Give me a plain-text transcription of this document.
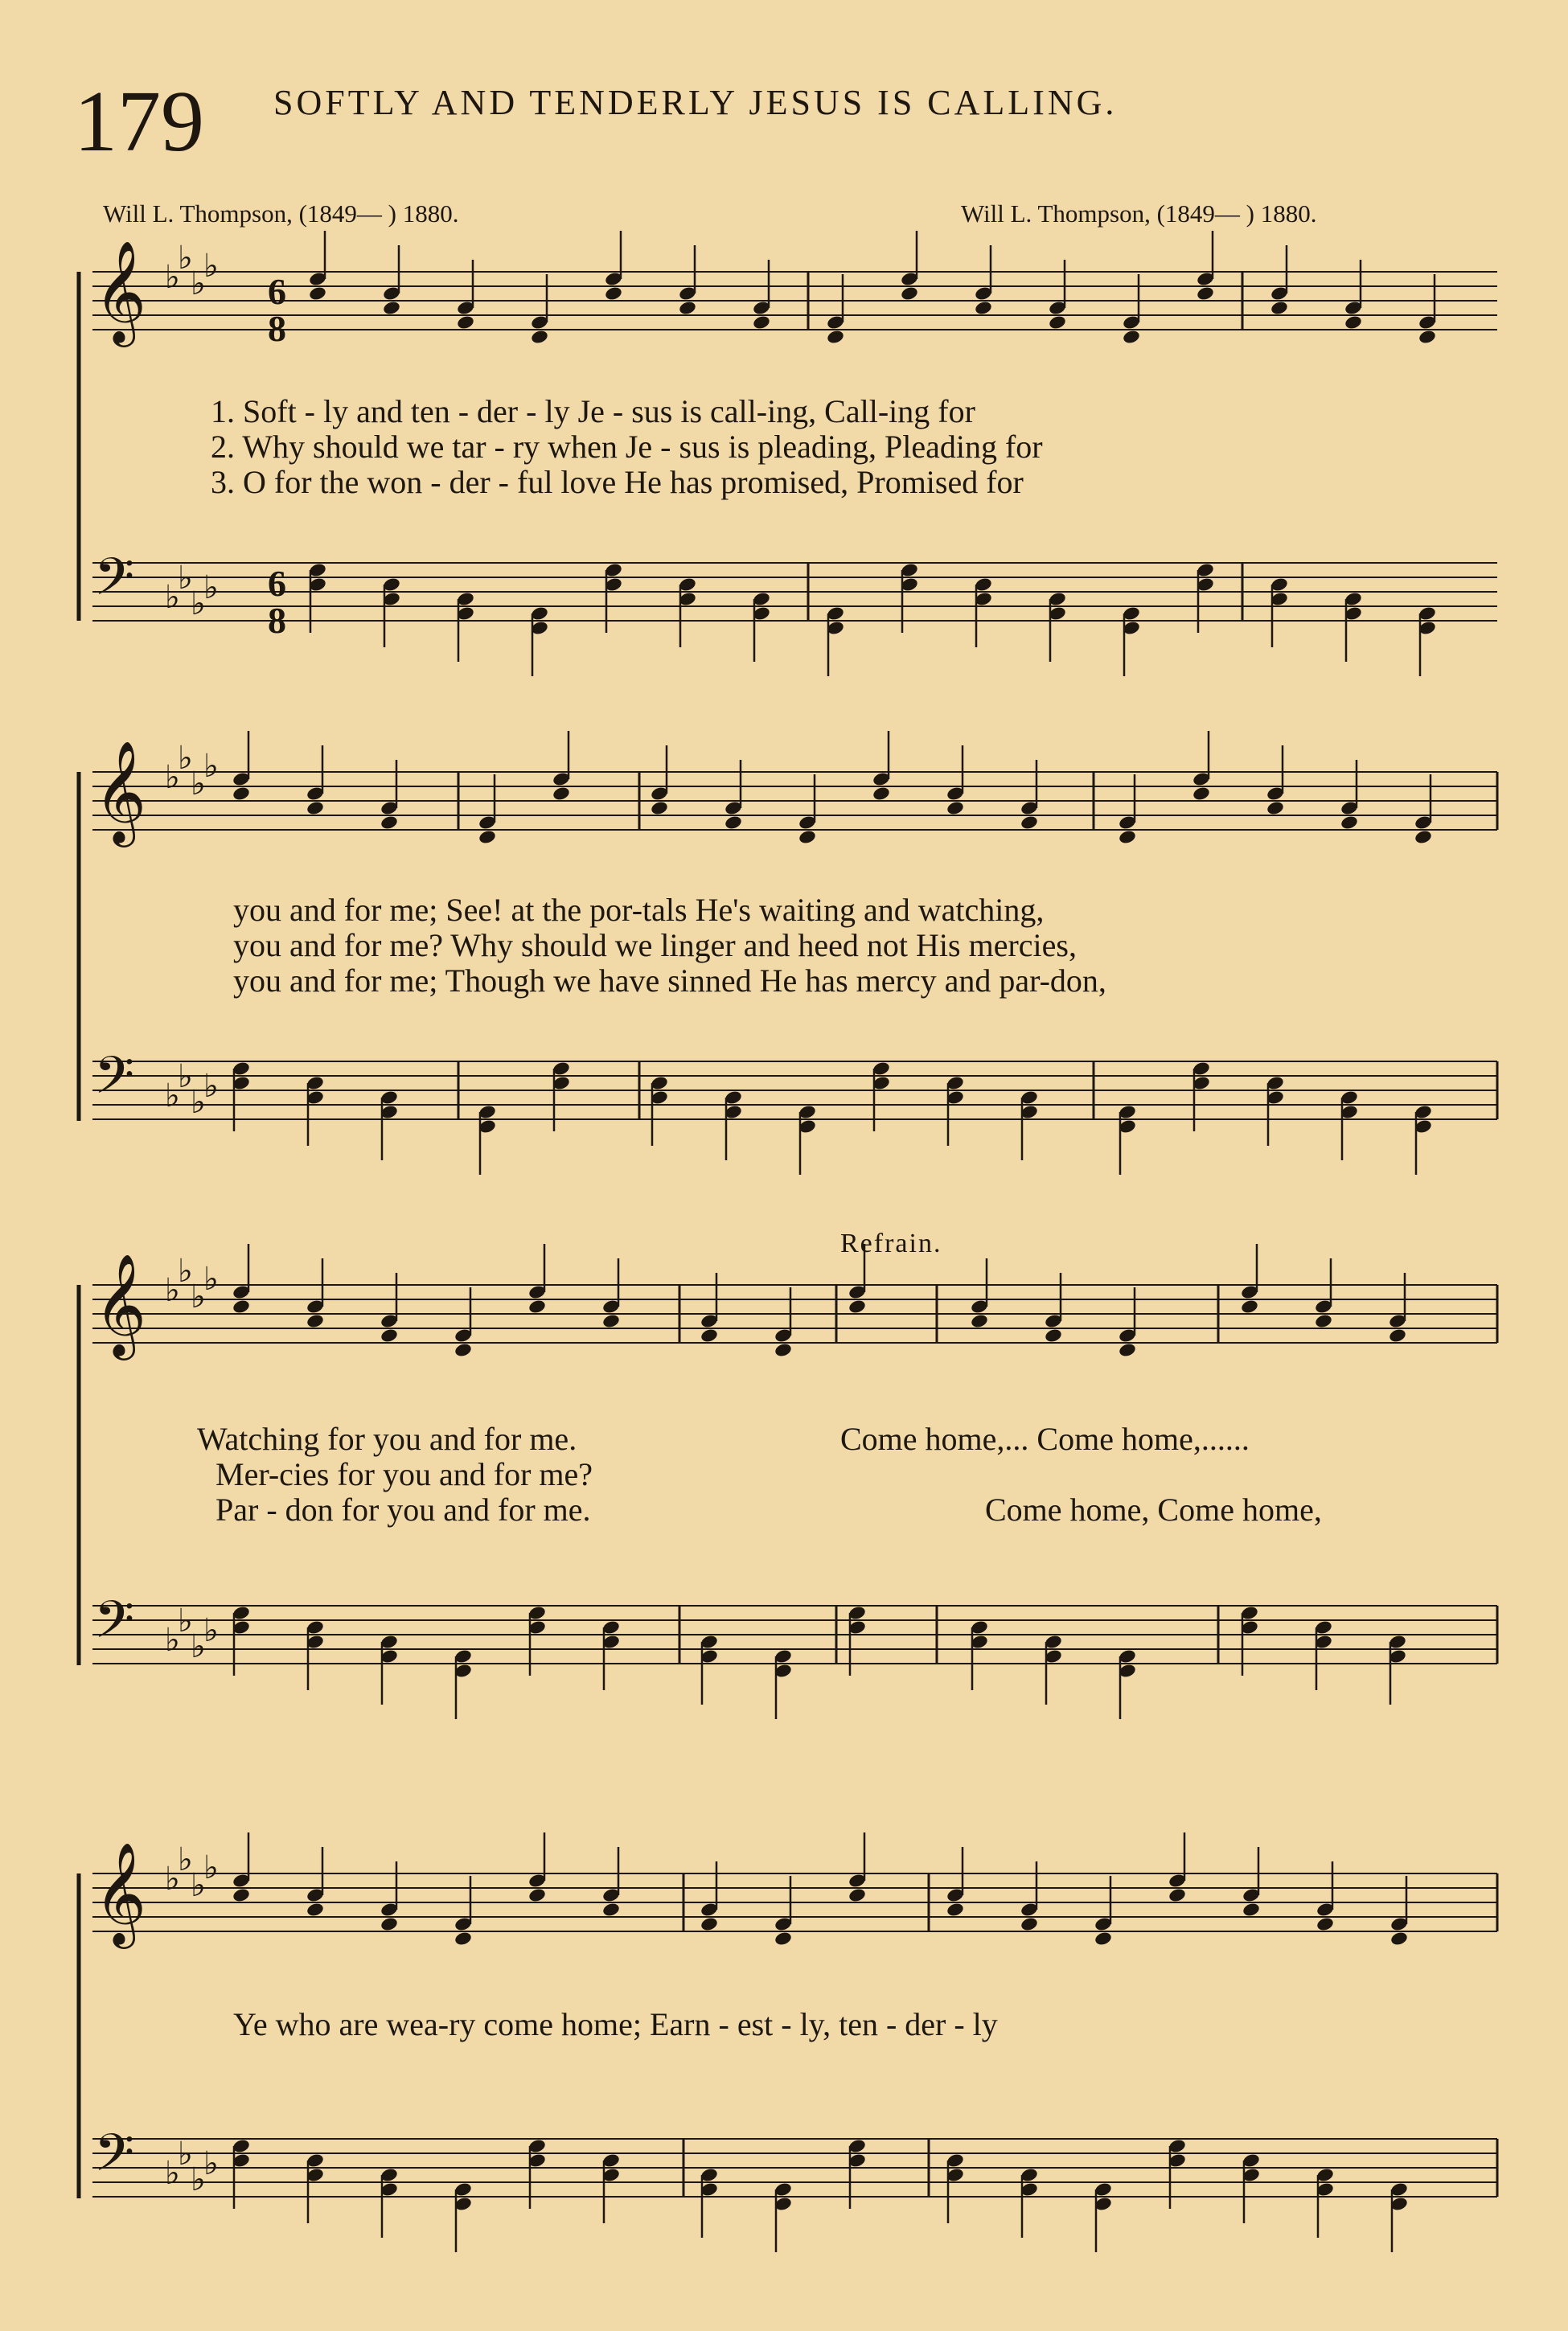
179 SOFTLY AND TENDERLY JESUS IS CALLING.
Will L. Thompson, (1849— ) 1880.	Will L. Thompson, (1849— ) 1880.
Refrain.
𝄞 ♭
♭
♭
♭
𝄢 ♭
♭
♭
♭
𝄞 ♭
♭
♭
♭
𝄢 ♭
♭
♭
♭
𝄞 ♭
♭
♭
♭
𝄢 ♭
♭
♭
♭
𝄞 ♭
♭
♭
♭
𝄢 ♭
♭
♭
♭
6
8
6
8
1. Soft - ly and ten - der - ly Je - sus is call-ing, Call-ing for
2. Why should we tar - ry when Je - sus is pleading, Pleading for
3. O for the won - der - ful love He has promised, Promised for
you and for me; See! at the por-tals He's waiting and watching,
you and for me? Why should we linger and heed not His mercies,
you and for me; Though we have sinned He has mercy and par-don,
Watching for you and for me.
Mer-cies for you and for me?
Par - don for you and for me.
Come home,... Come home,......
Come home, Come home,
Ye who are wea-ry come home; Earn - est - ly, ten - der - ly
